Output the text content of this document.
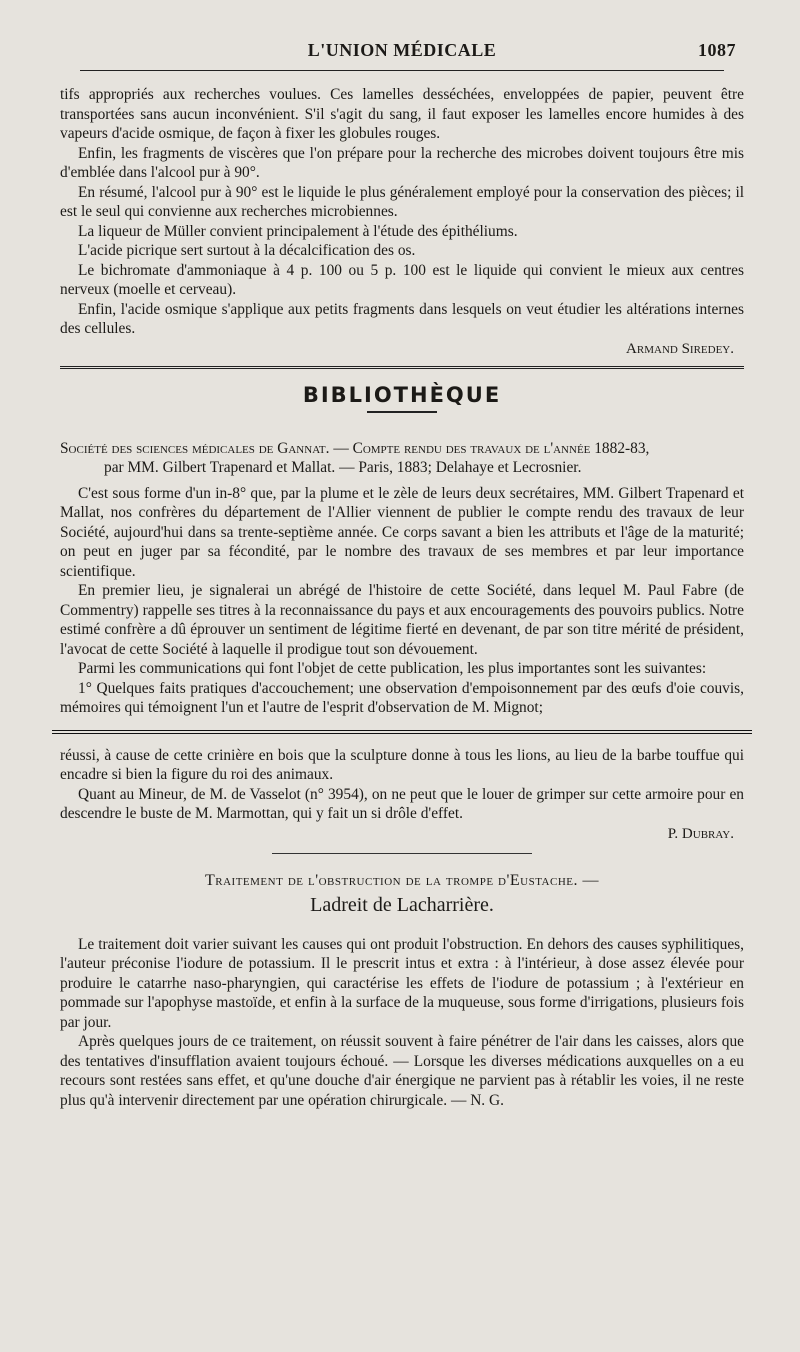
L'UNION MÉDICALE	1087

tifs appropriés aux recherches voulues. Ces lamelles desséchées, enveloppées de papier, peuvent être transportées sans aucun inconvénient. S'il s'agit du sang, il faut exposer les lamelles encore humides à des vapeurs d'acide osmique, de façon à fixer les globules rouges.

Enfin, les fragments de viscères que l'on prépare pour la recherche des microbes doivent toujours être mis d'emblée dans l'alcool pur à 90°.

En résumé, l'alcool pur à 90° est le liquide le plus généralement employé pour la conservation des pièces; il est le seul qui convienne aux recherches microbiennes.

La liqueur de Müller convient principalement à l'étude des épithéliums.

L'acide picrique sert surtout à la décalcification des os.

Le bichromate d'ammoniaque à 4 p. 100 ou 5 p. 100 est le liquide qui convient le mieux aux centres nerveux (moelle et cerveau).

Enfin, l'acide osmique s'applique aux petits fragments dans lesquels on veut étudier les altérations internes des cellules.

Armand Siredey.
BIBLIOTHÈQUE

Société des sciences médicales de Gannat. — Compte rendu des travaux de l'année 1882-83,
par MM. Gilbert Trapenard et Mallat. — Paris, 1883; Delahaye et Lecrosnier.

C'est sous forme d'un in-8° que, par la plume et le zèle de leurs deux secrétaires, MM. Gilbert Trapenard et Mallat, nos confrères du département de l'Allier viennent de publier le compte rendu des travaux de leur Société, aujourd'hui dans sa trente-septième année. Ce corps savant a bien les attributs et l'âge de la maturité; on peut en juger par sa fécondité, par le nombre des travaux de ses membres et par leur importance scientifique.

En premier lieu, je signalerai un abrégé de l'histoire de cette Société, dans lequel M. Paul Fabre (de Commentry) rappelle ses titres à la reconnaissance du pays et aux encouragements des pouvoirs publics. Notre estimé confrère a dû éprouver un sentiment de légitime fierté en devenant, de par son titre mérité de président, l'avocat de cette Société à laquelle il prodigue tout son dévouement.

Parmi les communications qui font l'objet de cette publication, les plus importantes sont les suivantes:

1° Quelques faits pratiques d'accouchement; une observation d'empoisonnement par des œufs d'oie couvis, mémoires qui témoignent l'un et l'autre de l'esprit d'observation de M. Mignot;

réussi, à cause de cette crinière en bois que la sculpture donne à tous les lions, au lieu de la barbe touffue qui encadre si bien la figure du roi des animaux.

Quant au Mineur, de M. de Vasselot (n° 3954), on ne peut que le louer de grimper sur cette armoire pour en descendre le buste de M. Marmottan, qui y fait un si drôle d'effet.

P. Dubray.
Traitement de l'obstruction de la trompe d'Eustache. —
Ladreit de Lacharrière.

Le traitement doit varier suivant les causes qui ont produit l'obstruction. En dehors des causes syphilitiques, l'auteur préconise l'iodure de potassium. Il le prescrit intus et extra : à l'intérieur, à dose assez élevée pour produire le catarrhe naso-pharyngien, qui caractérise les effets de l'iodure de potassium ; à l'extérieur en pommade sur l'apophyse mastoïde, et enfin à la surface de la muqueuse, sous forme d'irrigations, plusieurs fois par jour.

Après quelques jours de ce traitement, on réussit souvent à faire pénétrer de l'air dans les caisses, alors que des tentatives d'insufflation avaient toujours échoué. — Lorsque les diverses médications auxquelles on a eu recours sont restées sans effet, et qu'une douche d'air énergique ne parvient pas à rétablir les voies, il ne reste plus qu'à intervenir directement par une opération chirurgicale. — N. G.
